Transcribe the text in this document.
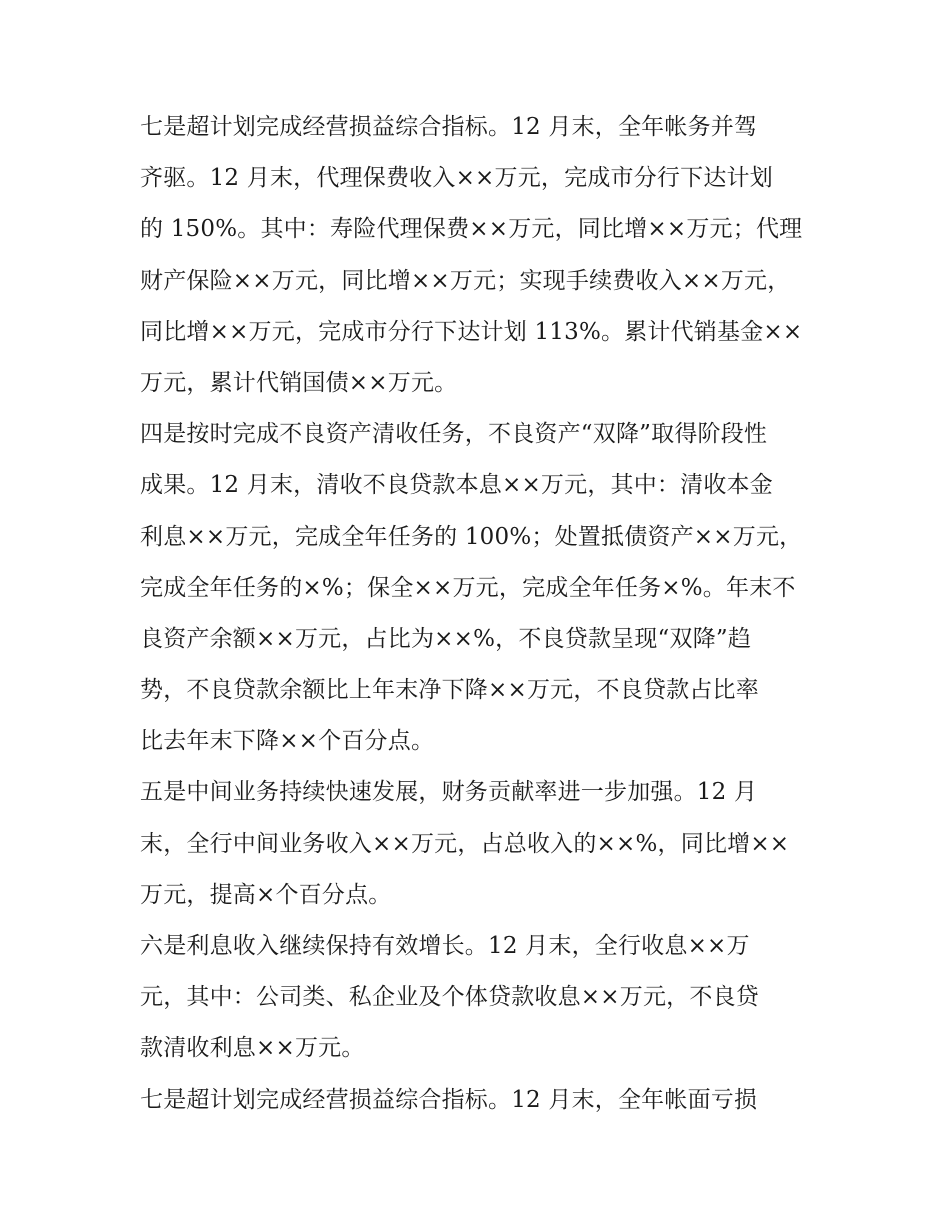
七是超计划完成经营损益综合指标。12 月末，全年帐务并驾
齐驱。12 月末，代理保费收入××万元，完成市分行下达计划
的 150%。其中：寿险代理保费××万元，同比增××万元；代理
财产保险××万元，同比增××万元；实现手续费收入××万元，
同比增××万元，完成市分行下达计划 113%。累计代销基金××
万元，累计代销国债××万元。
四是按时完成不良资产清收任务，不良资产“双降”取得阶段性
成果。12 月末，清收不良贷款本息××万元，其中：清收本金
利息××万元，完成全年任务的 100%；处置抵债资产××万元，
完成全年任务的×%；保全××万元，完成全年任务×%。年末不
良资产余额××万元，占比为××%，不良贷款呈现“双降”趋
势，不良贷款余额比上年末净下降××万元，不良贷款占比率
比去年末下降××个百分点。
五是中间业务持续快速发展，财务贡献率进一步加强。12 月
末，全行中间业务收入××万元，占总收入的××%，同比增××
万元，提高×个百分点。
六是利息收入继续保持有效增长。12 月末，全行收息××万
元，其中：公司类、私企业及个体贷款收息××万元，不良贷
款清收利息××万元。
七是超计划完成经营损益综合指标。12 月末，全年帐面亏损
